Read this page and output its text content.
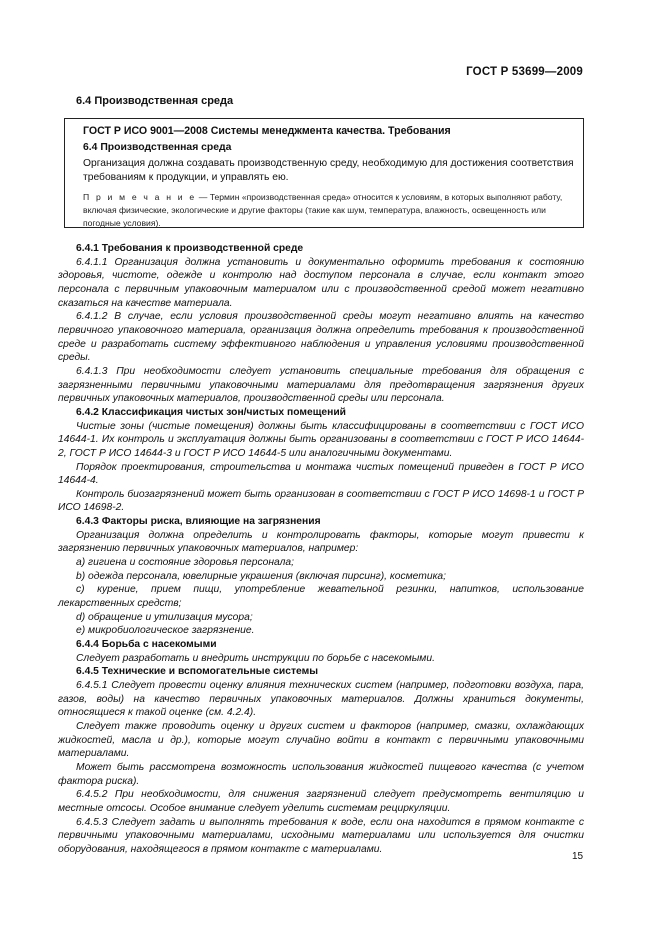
ГОСТ Р 53699—2009
6.4 Производственная среда

ГОСТ Р ИСО 9001—2008 Системы менеджмента качества. Требования

6.4 Производственная среда

Организация должна создавать производственную среду, необходимую для достижения соответствия требованиям к продукции, и управлять ею.

П р и м е ч а н и е — Термин «производственная среда» относится к условиям, в которых выполняют работу, включая физические, экологические и другие факторы (такие как шум, температура, влажность, освещенность или погодные условия).

6.4.1 Требования к производственной среде

6.4.1.1 Организация должна установить и документально оформить требования к состоянию здоровья, чистоте, одежде и контролю над доступом персонала в случае, если контакт этого персонала с первичным упаковочным материалом или с производственной средой может негативно сказаться на качестве материала.

6.4.1.2 В случае, если условия производственной среды могут негативно влиять на качество первичного упаковочного материала, организация должна определить требования к производственной среде и разработать систему эффективного наблюдения и управления условиями производственной среды.

6.4.1.3 При необходимости следует установить специальные требования для обращения с загрязненными первичными упаковочными материалами для предотвращения загрязнения других первичных упаковочных материалов, производственной среды или персонала.

6.4.2 Классификация чистых зон/чистых помещений

Чистые зоны (чистые помещения) должны быть классифицированы в соответствии с ГОСТ ИСО 14644-1. Их контроль и эксплуатация должны быть организованы в соответствии с ГОСТ Р ИСО 14644-2, ГОСТ Р ИСО 14644-3 и ГОСТ Р ИСО 14644-5 или аналогичными документами.

Порядок проектирования, строительства и монтажа чистых помещений приведен в ГОСТ Р ИСО 14644-4.

Контроль биозагрязнений может быть организован в соответствии с ГОСТ Р ИСО 14698-1 и ГОСТ Р ИСО 14698-2.

6.4.3 Факторы риска, влияющие на загрязнения

Организация должна определить и контролировать факторы, которые могут привести к загрязнению первичных упаковочных материалов, например:

a) гигиена и состояние здоровья персонала;

b) одежда персонала, ювелирные украшения (включая пирсинг), косметика;

c) курение, прием пищи, употребление жевательной резинки, напитков, использование лекарственных средств;

d) обращение и утилизация мусора;

e) микробиологическое загрязнение.

6.4.4 Борьба с насекомыми

Следует разработать и внедрить инструкции по борьбе с насекомыми.

6.4.5 Технические и вспомогательные системы

6.4.5.1 Следует провести оценку влияния технических систем (например, подготовки воздуха, пара, газов, воды) на качество первичных упаковочных материалов. Должны храниться документы, относящиеся к такой оценке (см. 4.2.4).

Следует также проводить оценку и других систем и факторов (например, смазки, охлаждающих жидкостей, масла и др.), которые могут случайно войти в контакт с первичными упаковочными материалами.

Может быть рассмотрена возможность использования жидкостей пищевого качества (с учетом фактора риска).

6.4.5.2 При необходимости, для снижения загрязнений следует предусмотреть вентиляцию и местные отсосы. Особое внимание следует уделить системам рециркуляции.

6.4.5.3 Следует задать и выполнять требования к воде, если она находится в прямом контакте с первичными упаковочными материалами, исходными материалами или используется для очистки оборудования, находящегося в прямом контакте с материалами.

15
